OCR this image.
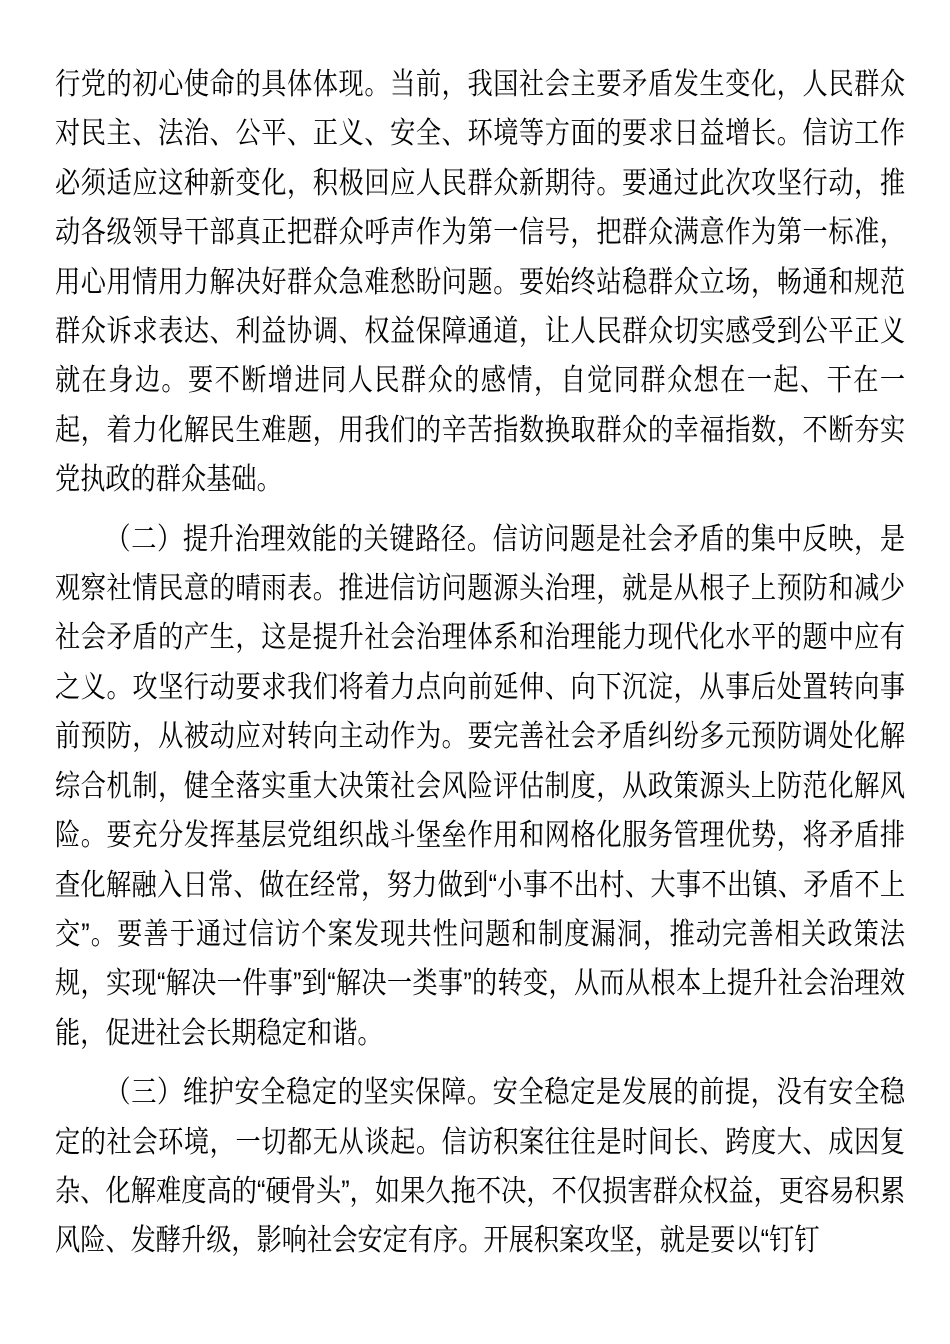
行党的初心使命的具体体现。当前，我国社会主要矛盾发生变化，人民群众对民主、法治、公平、正义、安全、环境等方面的要求日益增长。信访工作必须适应这种新变化，积极回应人民群众新期待。要通过此次攻坚行动，推动各级领导干部真正把群众呼声作为第一信号，把群众满意作为第一标准，用心用情用力解决好群众急难愁盼问题。要始终站稳群众立场，畅通和规范群众诉求表达、利益协调、权益保障通道，让人民群众切实感受到公平正义就在身边。要不断增进同人民群众的感情，自觉同群众想在一起、干在一起，着力化解民生难题，用我们的辛苦指数换取群众的幸福指数，不断夯实党执政的群众基础。

（二）提升治理效能的关键路径。信访问题是社会矛盾的集中反映，是观察社情民意的晴雨表。推进信访问题源头治理，就是从根子上预防和减少社会矛盾的产生，这是提升社会治理体系和治理能力现代化水平的题中应有之义。攻坚行动要求我们将着力点向前延伸、向下沉淀，从事后处置转向事前预防，从被动应对转向主动作为。要完善社会矛盾纠纷多元预防调处化解综合机制，健全落实重大决策社会风险评估制度，从政策源头上防范化解风险。要充分发挥基层党组织战斗堡垒作用和网格化服务管理优势，将矛盾排查化解融入日常、做在经常，努力做到“小事不出村、大事不出镇、矛盾不上交”。要善于通过信访个案发现共性问题和制度漏洞，推动完善相关政策法规，实现“解决一件事”到“解决一类事”的转变，从而从根本上提升社会治理效能，促进社会长期稳定和谐。

（三）维护安全稳定的坚实保障。安全稳定是发展的前提，没有安全稳定的社会环境，一切都无从谈起。信访积案往往是时间长、跨度大、成因复杂、化解难度高的“硬骨头”，如果久拖不决，不仅损害群众权益，更容易积累风险、发酵升级，影响社会安定有序。开展积案攻坚，就是要以“钉钉
